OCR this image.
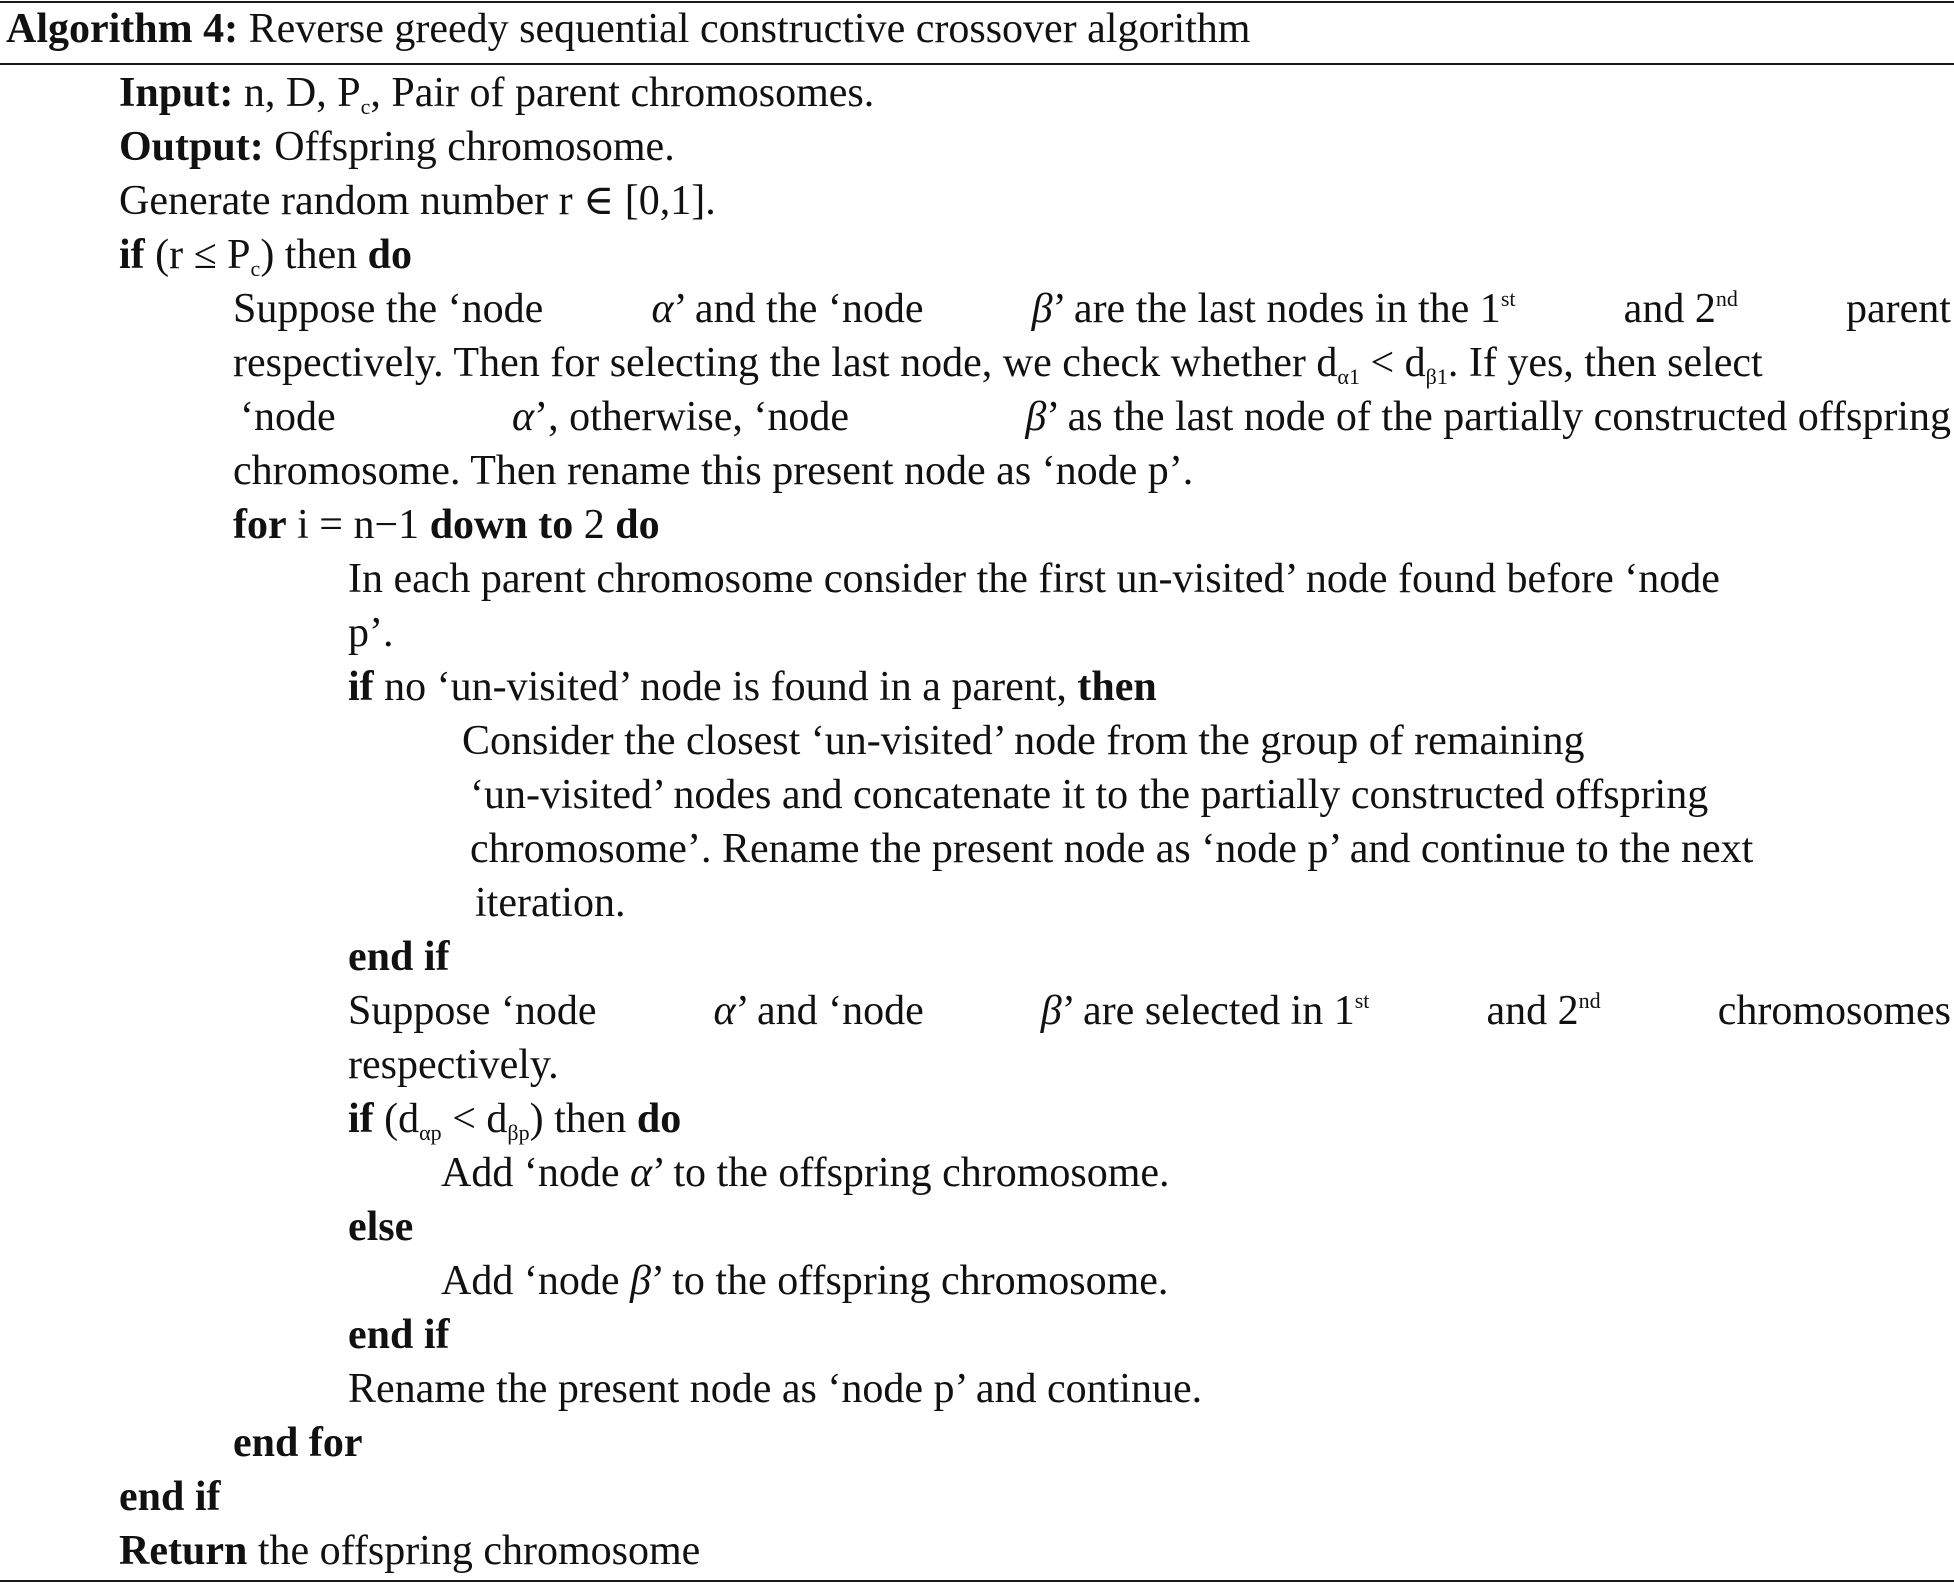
Algorithm 4: Reverse greedy sequential constructive crossover algorithm
Input: n, D, $P_c$, Pair of parent chromosomes.
Output: Offspring chromosome.
Generate random number r ∈ [0,1].
if $(r \le P_c)$ then do
Suppose the ‘node	α’ and the ‘node	β’ are the last nodes in the 1st	and 2nd	parent
respectively. Then for selecting the last node, we check whether $d_{\alpha 1} < d_{\beta 1}$. If yes, then select
‘node	α’, otherwise, ‘node	β’ as the last node of the partially constructed offspring
chromosome. Then rename this present node as ‘node p’.
for i = n−1 down to 2 do
In each parent chromosome consider the first un-visited’ node found before ‘node
p’.
if no ‘un-visited’ node is found in a parent, then
Consider the closest ‘un-visited’ node from the group of remaining
‘un-visited’ nodes and concatenate it to the partially constructed offspring
chromosome’. Rename the present node as ‘node p’ and continue to the next
iteration.
end if
Suppose ‘node	α’ and ‘node	β’ are selected in 1st	and 2nd	chromosomes
respectively.
if $(d_{\alpha p} < d_{\beta p})$ then do
Add ‘node α’ to the offspring chromosome.
else
Add ‘node β’ to the offspring chromosome.
end if
Rename the present node as ‘node p’ and continue.
end for
end if
Return the offspring chromosome
